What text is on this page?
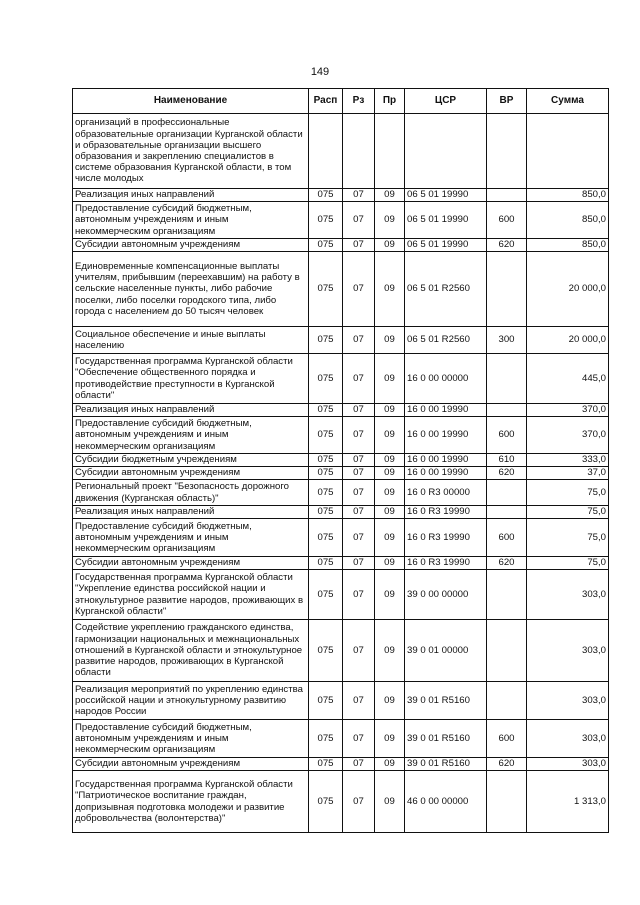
149
Наименование	Расп	Рз	Пр	ЦСР	ВР	Сумма
организаций в профессиональные образовательные организации Курганской области и образовательные организации высшего образования и закреплению специалистов в системе образования Курганской области, в том числе молодых						
Реализация иных направлений	075	07	09	06 5 01 19990		850,0
Предоставление субсидий бюджетным, автономным учреждениям и иным некоммерческим организациям	075	07	09	06 5 01 19990	600	850,0
Субсидии автономным учреждениям	075	07	09	06 5 01 19990	620	850,0
Единовременные компенсационные выплаты учителям, прибывшим (переехавшим) на работу в сельские населенные пункты, либо рабочие поселки, либо поселки городского типа, либо города с населением до 50 тысяч человек	075	07	09	06 5 01 R2560		20 000,0
Социальное обеспечение и иные выплаты населению	075	07	09	06 5 01 R2560	300	20 000,0
Государственная программа Курганской области "Обеспечение общественного порядка и противодействие преступности в Курганской области"	075	07	09	16 0 00 00000		445,0
Реализация иных направлений	075	07	09	16 0 00 19990		370,0
Предоставление субсидий бюджетным, автономным учреждениям и иным некоммерческим организациям	075	07	09	16 0 00 19990	600	370,0
Субсидии бюджетным учреждениям	075	07	09	16 0 00 19990	610	333,0
Субсидии автономным учреждениям	075	07	09	16 0 00 19990	620	37,0
Региональный проект "Безопасность дорожного движения (Курганская область)"	075	07	09	16 0 R3 00000		75,0
Реализация иных направлений	075	07	09	16 0 R3 19990		75,0
Предоставление субсидий бюджетным, автономным учреждениям и иным некоммерческим организациям	075	07	09	16 0 R3 19990	600	75,0
Субсидии автономным учреждениям	075	07	09	16 0 R3 19990	620	75,0
Государственная программа Курганской области "Укрепление единства российской нации и этнокультурное развитие народов, проживающих в Курганской области"	075	07	09	39 0 00 00000		303,0
Содействие укреплению гражданского единства, гармонизации национальных и межнациональных отношений в Курганской области и этнокультурное развитие народов, проживающих в Курганской области	075	07	09	39 0 01 00000		303,0
Реализация мероприятий по укреплению единства российской нации и этнокультурному развитию народов России	075	07	09	39 0 01 R5160		303,0
Предоставление субсидий бюджетным, автономным учреждениям и иным некоммерческим организациям	075	07	09	39 0 01 R5160	600	303,0
Субсидии автономным учреждениям	075	07	09	39 0 01 R5160	620	303,0
Государственная программа Курганской области "Патриотическое воспитание граждан, допризывная подготовка молодежи и развитие добровольчества (волонтерства)"	075	07	09	46 0 00 00000		1 313,0
